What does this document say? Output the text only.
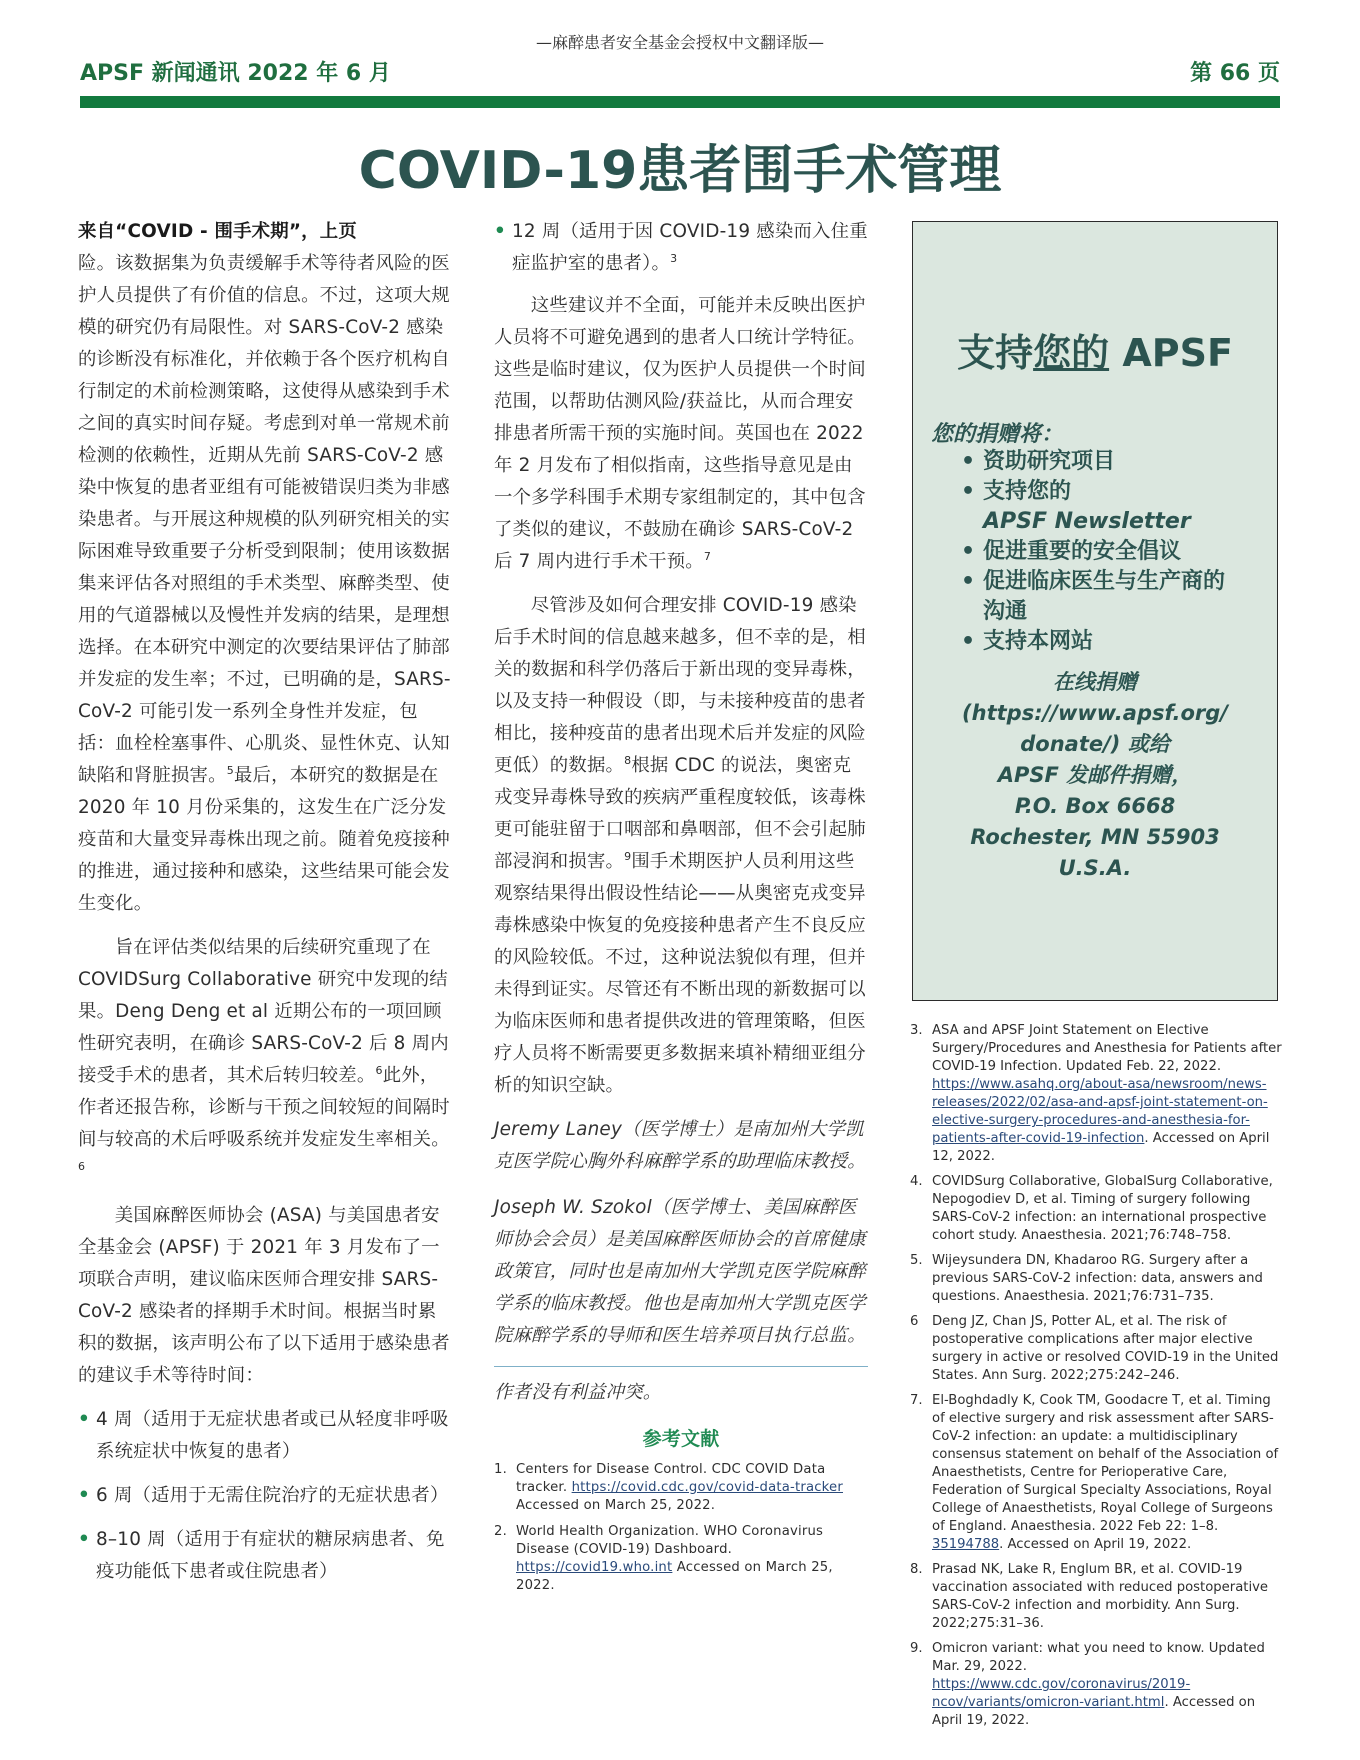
—麻醉患者安全基金会授权中文翻译版—
APSF 新闻通讯 2022 年 6 月	第 66 页
COVID-19患者围手术管理
来自“COVID - 围手术期”，上页

险。该数据集为负责缓解手术等待者风险的医护人员提供了有价值的信息。不过，这项大规模的研究仍有局限性。对 SARS-CoV-2 感染的诊断没有标准化，并依赖于各个医疗机构自行制定的术前检测策略，这使得从感染到手术之间的真实时间存疑。考虑到对单一常规术前检测的依赖性，近期从先前 SARS-CoV-2 感染中恢复的患者亚组有可能被错误归类为非感染患者。与开展这种规模的队列研究相关的实际困难导致重要子分析受到限制；使用该数据集来评估各对照组的手术类型、麻醉类型、使用的气道器械以及慢性并发病的结果，是理想选择。在本研究中测定的次要结果评估了肺部并发症的发生率；不过，已明确的是，SARS-CoV-2 可能引发一系列全身性并发症，包括：血栓栓塞事件、心肌炎、显性休克、认知缺陷和肾脏损害。$^5$最后，本研究的数据是在 2020 年 10 月份采集的，这发生在广泛分发疫苗和大量变异毒株出现之前。随着免疫接种的推进，通过接种和感染，这些结果可能会发生变化。

旨在评估类似结果的后续研究重现了在 COVIDSurg Collaborative 研究中发现的结果。Deng Deng et al 近期公布的一项回顾性研究表明，在确诊 SARS-CoV-2 后 8 周内接受手术的患者，其术后转归较差。$^6$此外，作者还报告称，诊断与干预之间较短的间隔时间与较高的术后呼吸系统并发症发生率相关。$^6$

美国麻醉医师协会 (ASA) 与美国患者安全基金会 (APSF) 于 2021 年 3 月发布了一项联合声明，建议临床医师合理安排 SARS-CoV-2 感染者的择期手术时间。根据当时累积的数据，该声明公布了以下适用于感染患者的建议手术等待时间：

• 4 周（适用于无症状患者或已从轻度非呼吸系统症状中恢复的患者）
• 6 周（适用于无需住院治疗的无症状患者）
• 8–10 周（适用于有症状的糖尿病患者、免疫功能低下患者或住院患者）
• 12 周（适用于因 COVID-19 感染而入住重症监护室的患者）。$^3$

这些建议并不全面，可能并未反映出医护人员将不可避免遇到的患者人口统计学特征。这些是临时建议，仅为医护人员提供一个时间范围，以帮助估测风险/获益比，从而合理安排患者所需干预的实施时间。英国也在 2022 年 2 月发布了相似指南，这些指导意见是由一个多学科围手术期专家组制定的，其中包含了类似的建议，不鼓励在确诊 SARS-CoV-2 后 7 周内进行手术干预。$^7$

尽管涉及如何合理安排 COVID-19 感染后手术时间的信息越来越多，但不幸的是，相关的数据和科学仍落后于新出现的变异毒株，以及支持一种假设（即，与未接种疫苗的患者相比，接种疫苗的患者出现术后并发症的风险更低）的数据。$^8$根据 CDC 的说法，奥密克戎变异毒株导致的疾病严重程度较低，该毒株更可能驻留于口咽部和鼻咽部，但不会引起肺部浸润和损害。$^9$围手术期医护人员利用这些观察结果得出假设性结论——从奥密克戎变异毒株感染中恢复的免疫接种患者产生不良反应的风险较低。不过，这种说法貌似有理，但并未得到证实。尽管还有不断出现的新数据可以为临床医师和患者提供改进的管理策略，但医疗人员将不断需要更多数据来填补精细亚组分析的知识空缺。

Jeremy Laney（医学博士）是南加州大学凯克医学院心胸外科麻醉学系的助理临床教授。

Joseph W. Szokol（医学博士、美国麻醉医师协会会员）是美国麻醉医师协会的首席健康政策官，同时也是南加州大学凯克医学院麻醉学系的临床教授。他也是南加州大学凯克医学院麻醉学系的导师和医生培养项目执行总监。

作者没有利益冲突。

参考文献
1. Centers for Disease Control. CDC COVID Data tracker. https://covid.cdc.gov/covid-data-tracker Accessed on March 25, 2022.
2. World Health Organization. WHO Coronavirus Disease (COVID-19) Dashboard. https://covid19.who.int Accessed on March 25, 2022.
支持您的 APSF
您的捐赠将：
• 资助研究项目
• 支持您的
APSF Newsletter
• 促进重要的安全倡议
• 促进临床医生与生产商的
沟通
• 支持本网站
在线捐赠
(https://www.apsf.org/
donate/) 或给
APSF 发邮件捐赠，
P.O. Box 6668
Rochester, MN 55903
U.S.A.
3. ASA and APSF Joint Statement on Elective Surgery/Procedures and Anesthesia for Patients after COVID-19 Infection. Updated Feb. 22, 2022. https://www.asahq.org/about-asa/newsroom/news-releases/2022/02/asa-and-apsf-joint-statement-on-elective-surgery-procedures-and-anesthesia-for-patients-after-covid-19-infection. Accessed on April 12, 2022.
4. COVIDSurg Collaborative, GlobalSurg Collaborative, Nepogodiev D, et al. Timing of surgery following SARS-CoV-2 infection: an international prospective cohort study. Anaesthesia. 2021;76:748–758.
5. Wijeysundera DN, Khadaroo RG. Surgery after a previous SARS-CoV-2 infection: data, answers and questions. Anaesthesia. 2021;76:731–735.
6	Deng JZ, Chan JS, Potter AL, et al. The risk of postoperative complications after major elective surgery in active or resolved COVID-19 in the United States. Ann Surg. 2022;275:242–246.
7. El-Boghdadly K, Cook TM, Goodacre T, et al. Timing of elective surgery and risk assessment after SARS-CoV-2 infection: an update: a multidisciplinary consensus statement on behalf of the Association of Anaesthetists, Centre for Perioperative Care, Federation of Surgical Specialty Associations, Royal College of Anaesthetists, Royal College of Surgeons of England. Anaesthesia. 2022 Feb 22: 1–8. 35194788. Accessed on April 19, 2022.
8. Prasad NK, Lake R, Englum BR, et al. COVID-19 vaccination associated with reduced postoperative SARS-CoV-2 infection and morbidity. Ann Surg. 2022;275:31–36.
9. Omicron variant: what you need to know. Updated Mar. 29, 2022. https://www.cdc.gov/coronavirus/2019-ncov/variants/omicron-variant.html. Accessed on April 19, 2022.
